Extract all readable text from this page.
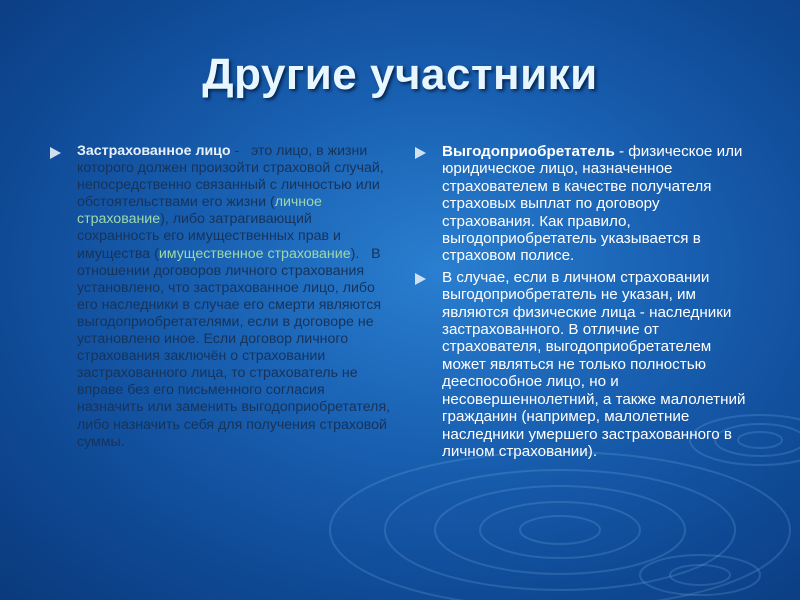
Другие участники
Застрахованное лицо -   это лицо, в жизни которого должен произойти страховой случай, непосредственно связанный с личностью или обстоятельствами его жизни (личное страхование), либо затрагивающий сохранность его имущественных прав и имущества (имущественное страхование).   В отношении договоров личного страхования установлено, что застрахованное лицо, либо его наследники в случае его смерти являются выгодоприобретателями, если в договоре не установлено иное. Если договор личного страхования заключён о страховании застрахованного лица, то страхователь не вправе без его письменного согласия назначить или заменить выгодоприобретателя, либо назначить себя для получения страховой суммы.
Выгодоприобретатель - физическое или юридическое лицо, назначенное страхователем в качестве получателя страховых выплат по договору страхования. Как правило, выгодоприобретатель указывается в страховом полисе.
В случае, если в личном страховании выгодоприобретатель не указан, им являются физические лица - наследники застрахованного. В отличие от страхователя, выгодоприобретателем может являться не только полностью дееспособное лицо, но и несовершеннолетний, а также малолетний гражданин (например, малолетние наследники умершего застрахованного в личном страховании).
